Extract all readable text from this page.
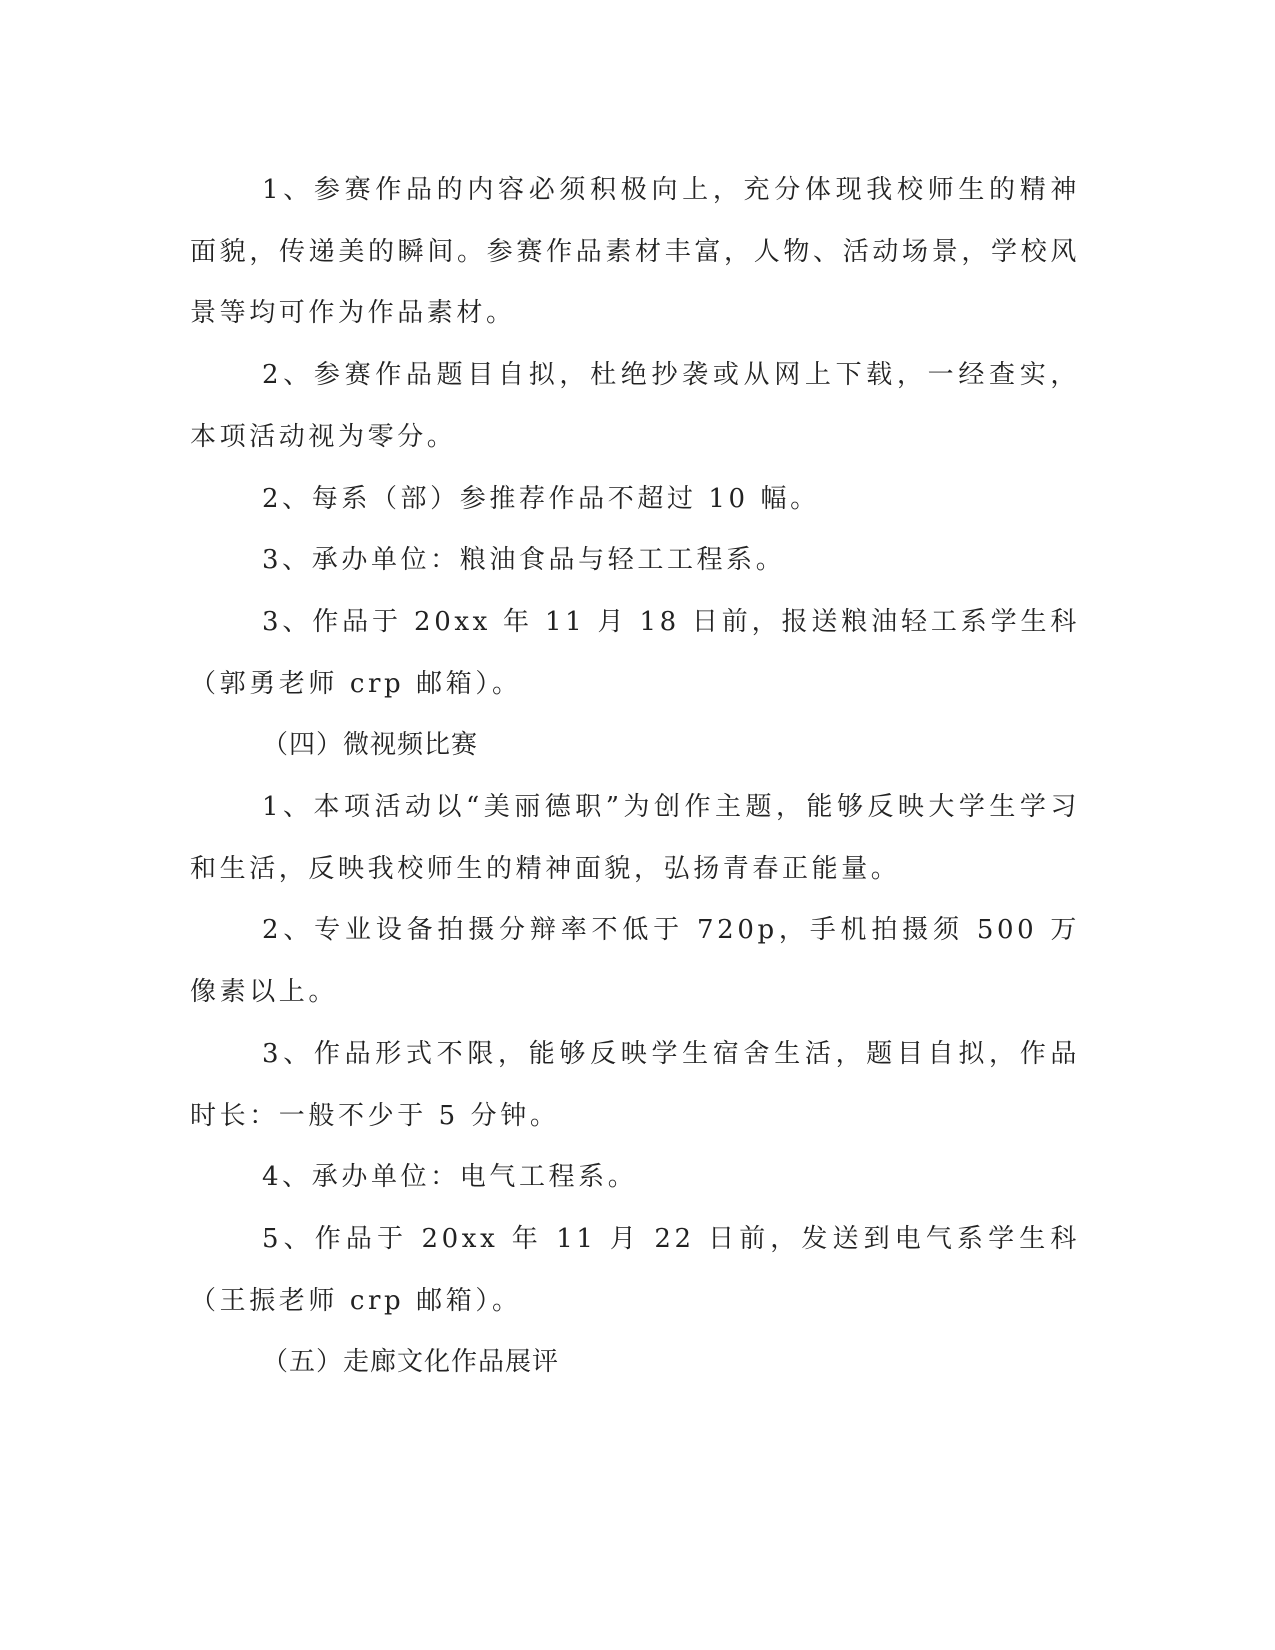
1、参赛作品的内容必须积极向上，充分体现我校师生的精神面貌，传递美的瞬间。参赛作品素材丰富，人物、活动场景，学校风景等均可作为作品素材。

2、参赛作品题目自拟，杜绝抄袭或从网上下载，一经查实，本项活动视为零分。

2、每系（部）参推荐作品不超过 10 幅。

3、承办单位：粮油食品与轻工工程系。

3、作品于 20xx 年 11 月 18 日前，报送粮油轻工系学生科（郭勇老师 crp 邮箱）。

（四）微视频比赛

1、本项活动以“美丽德职”为创作主题，能够反映大学生学习和生活，反映我校师生的精神面貌，弘扬青春正能量。

2、专业设备拍摄分辩率不低于 720p，手机拍摄须 500 万像素以上。

3、作品形式不限，能够反映学生宿舍生活，题目自拟，作品时长：一般不少于 5 分钟。

4、承办单位：电气工程系。

5、作品于 20xx 年 11 月 22 日前，发送到电气系学生科（王振老师 crp 邮箱）。

（五）走廊文化作品展评
